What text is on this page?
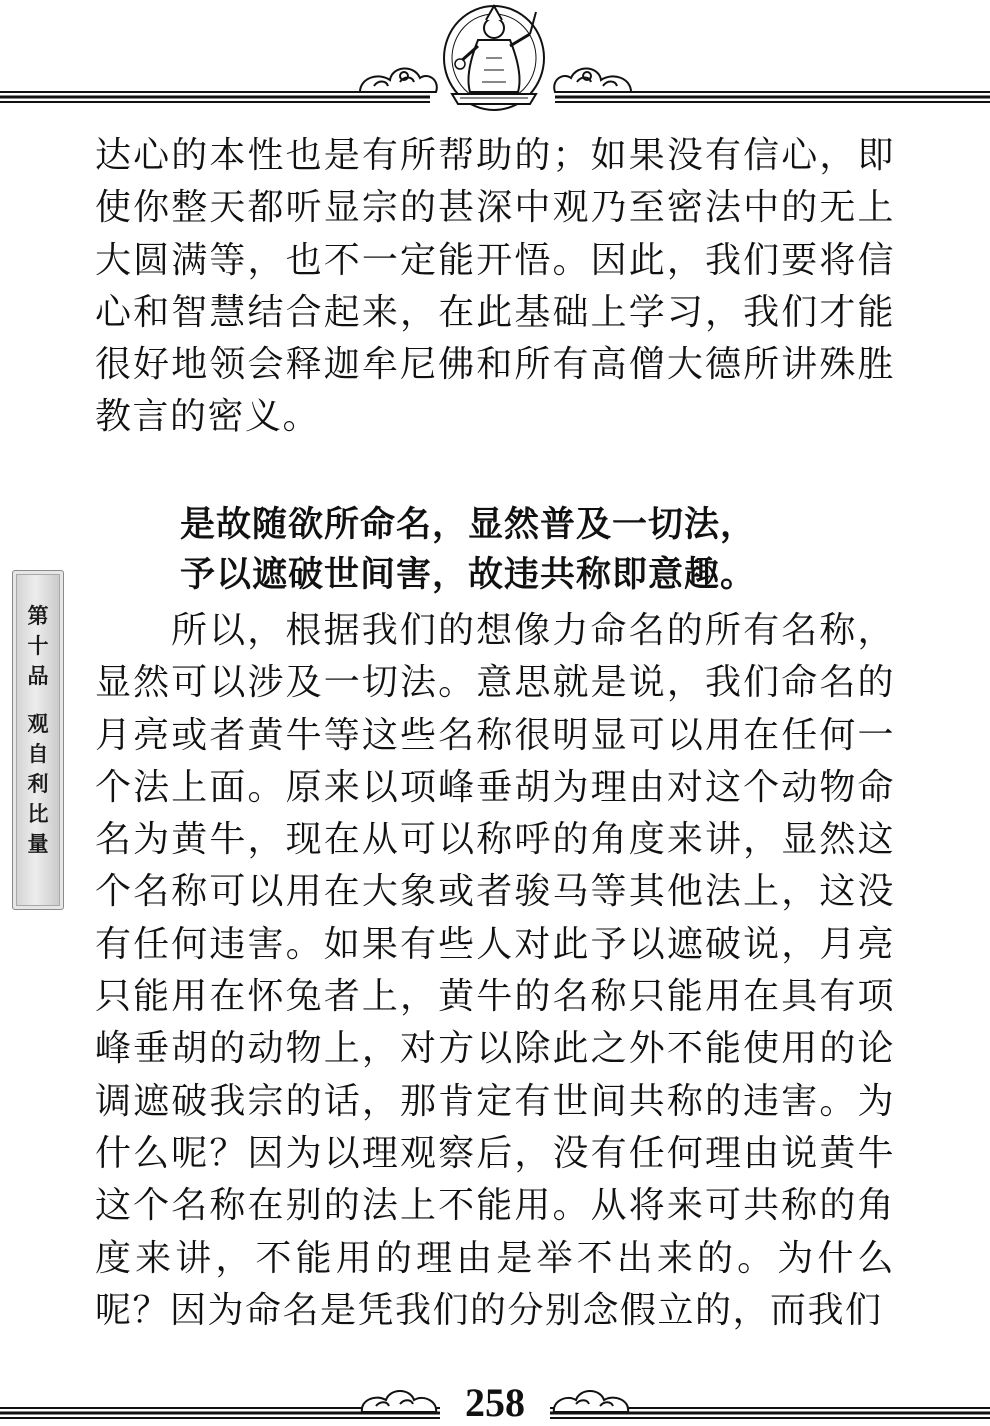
第
十
品
观
自
利
比
量

达心的本性也是有所帮助的；如果没有信心，即使你整天都听显宗的甚深中观乃至密法中的无上大圆满等，也不一定能开悟。因此，我们要将信心和智慧结合起来，在此基础上学习，我们才能很好地领会释迦牟尼佛和所有高僧大德所讲殊胜教言的密义。

是故随欲所命名，显然普及一切法，
予以遮破世间害，故违共称即意趣。

所以，根据我们的想像力命名的所有名称，显然可以涉及一切法。意思就是说，我们命名的月亮或者黄牛等这些名称很明显可以用在任何一个法上面。原来以项峰垂胡为理由对这个动物命名为黄牛，现在从可以称呼的角度来讲，显然这个名称可以用在大象或者骏马等其他法上，这没有任何违害。如果有些人对此予以遮破说，月亮只能用在怀兔者上，黄牛的名称只能用在具有项峰垂胡的动物上，对方以除此之外不能使用的论调遮破我宗的话，那肯定有世间共称的违害。为什么呢？因为以理观察后，没有任何理由说黄牛这个名称在别的法上不能用。从将来可共称的角度来讲，不能用的理由是举不出来的。为什么呢？因为命名是凭我们的分别念假立的，而我们

258
